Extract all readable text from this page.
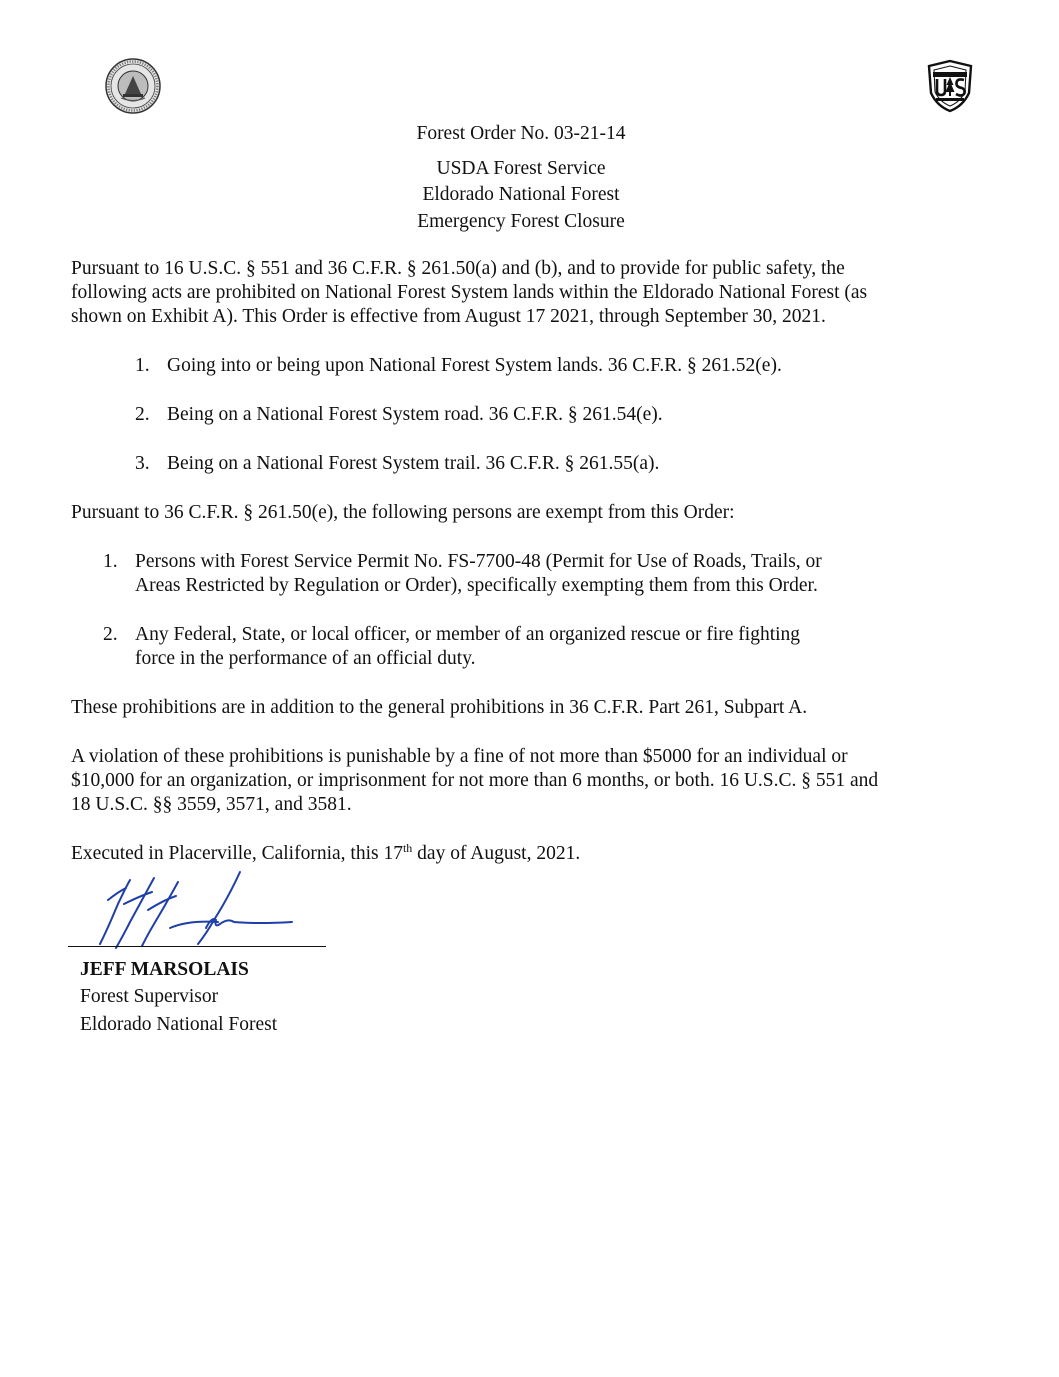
Forest Order No. 03-21-14
USDA Forest Service
Eldorado National Forest
Emergency Forest Closure
Pursuant to 16 U.S.C. § 551 and 36 C.F.R. § 261.50(a) and (b), and to provide for public safety, the
following acts are prohibited on National Forest System lands within the Eldorado National Forest (as
shown on Exhibit A). This Order is effective from August 17 2021, through September 30, 2021.
1. Going into or being upon National Forest System lands. 36 C.F.R. § 261.52(e).
2. Being on a National Forest System road. 36 C.F.R. § 261.54(e).
3. Being on a National Forest System trail. 36 C.F.R. § 261.55(a).
Pursuant to 36 C.F.R. § 261.50(e), the following persons are exempt from this Order:
1. Persons with Forest Service Permit No. FS-7700-48 (Permit for Use of Roads, Trails, or
Areas Restricted by Regulation or Order), specifically exempting them from this Order.
2. Any Federal, State, or local officer, or member of an organized rescue or fire fighting
force in the performance of an official duty.
These prohibitions are in addition to the general prohibitions in 36 C.F.R. Part 261, Subpart A.
A violation of these prohibitions is punishable by a fine of not more than $5000 for an individual or
$10,000 for an organization, or imprisonment for not more than 6 months, or both. 16 U.S.C. § 551 and
18 U.S.C. §§ 3559, 3571, and 3581.
Executed in Placerville, California, this 17th day of August, 2021.
JEFF MARSOLAIS
Forest Supervisor
Eldorado National Forest
